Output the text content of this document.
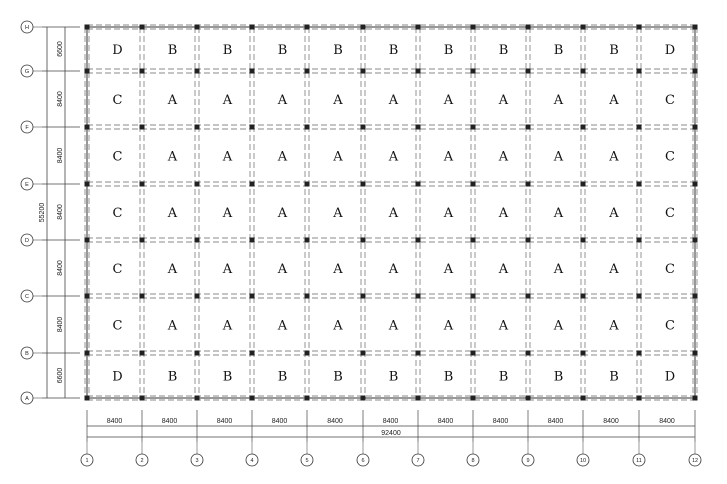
D	B	B	B	B	B	B	B	B	B	D
C	A	A	A	A	A	A	A	A	A	C
C	A	A	A	A	A	A	A	A	A	C
C	A	A	A	A	A	A	A	A	A	C
C	A	A	A	A	A	A	A	A	A	C
C	A	A	A	A	A	A	A	A	A	C
D	B	B	B	B	B	B	B	B	B	D
8400	8400	8400	8400	8400	8400	8400	8400	8400	8400	8400
92400
6600
8400
8400
8400
8400
8400
6600
55200
1	2	3	4	5	6	7	8	9	10	11	12
H
G
F
E
D
C
B
A
